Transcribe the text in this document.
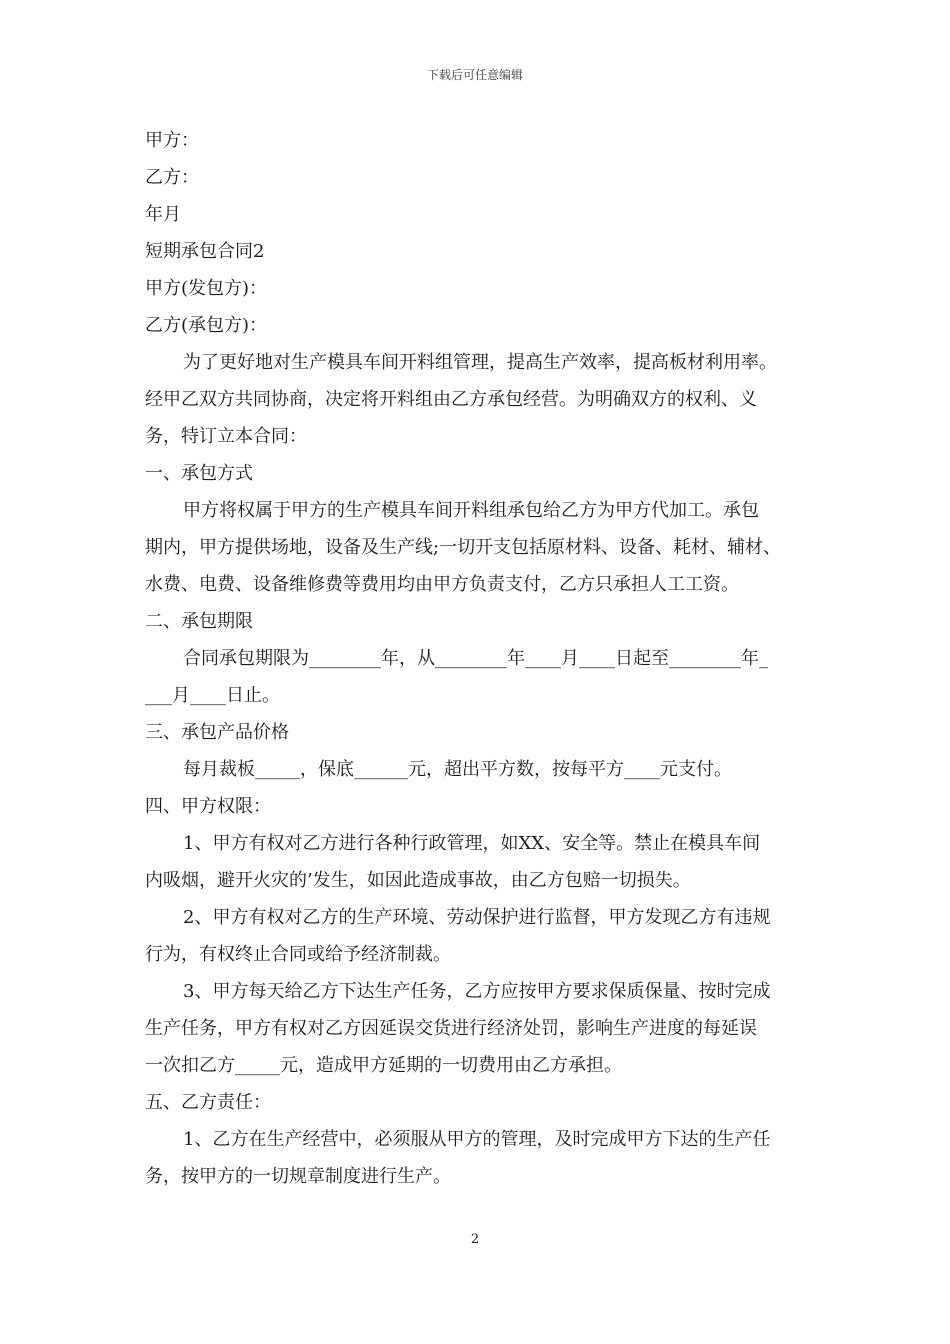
下载后可任意编辑
甲方：
乙方：
年月
短期承包合同2
甲方(发包方)：
乙方(承包方)：
为了更好地对生产模具车间开料组管理，提高生产效率，提高板材利用率。
经甲乙双方共同协商，决定将开料组由乙方承包经营。为明确双方的权利、义
务，特订立本合同：
一、承包方式
甲方将权属于甲方的生产模具车间开料组承包给乙方为甲方代加工。承包
期内，甲方提供场地，设备及生产线;一切开支包括原材料、设备、耗材、辅材、
水费、电费、设备维修费等费用均由甲方负责支付，乙方只承担人工工资。
二、承包期限
合同承包期限为________年，从________年____月____日起至________年_
___月____日止。
三、承包产品价格
每月裁板_____，保底______元，超出平方数，按每平方____元支付。
四、甲方权限：
1、甲方有权对乙方进行各种行政管理，如XX、安全等。禁止在模具车间
内吸烟，避开火灾的’发生，如因此造成事故，由乙方包赔一切损失。
2、甲方有权对乙方的生产环境、劳动保护进行监督，甲方发现乙方有违规
行为，有权终止合同或给予经济制裁。
3、甲方每天给乙方下达生产任务，乙方应按甲方要求保质保量、按时完成
生产任务，甲方有权对乙方因延误交货进行经济处罚，影响生产进度的每延误
一次扣乙方_____元，造成甲方延期的一切费用由乙方承担。
五、乙方责任：
1、乙方在生产经营中，必须服从甲方的管理，及时完成甲方下达的生产任
务，按甲方的一切规章制度进行生产。
2
